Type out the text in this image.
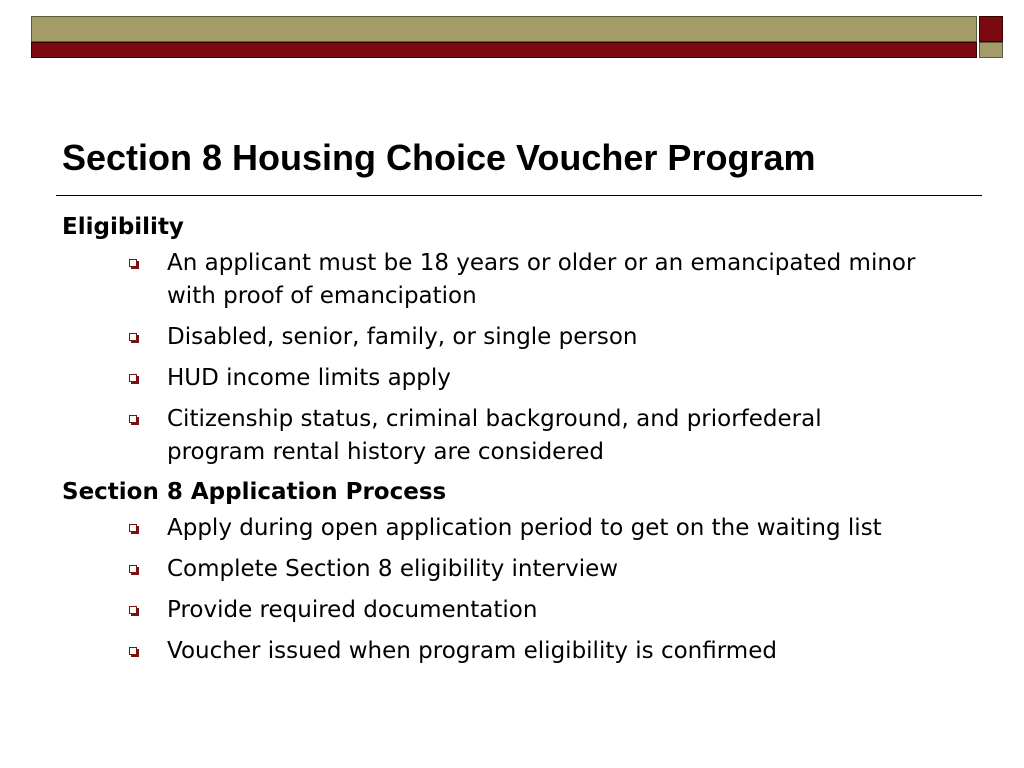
Section 8 Housing Choice Voucher Program
Eligibility
An applicant must be 18 years or older or an emancipated minor with proof of emancipation
Disabled, senior, family, or single person
HUD income limits apply
Citizenship status, criminal background, and priorfederal program rental history are considered
Section 8 Application Process
Apply during open application period to get on the waiting list
Complete Section 8 eligibility interview
Provide required documentation
Voucher issued when program eligibility is confirmed
